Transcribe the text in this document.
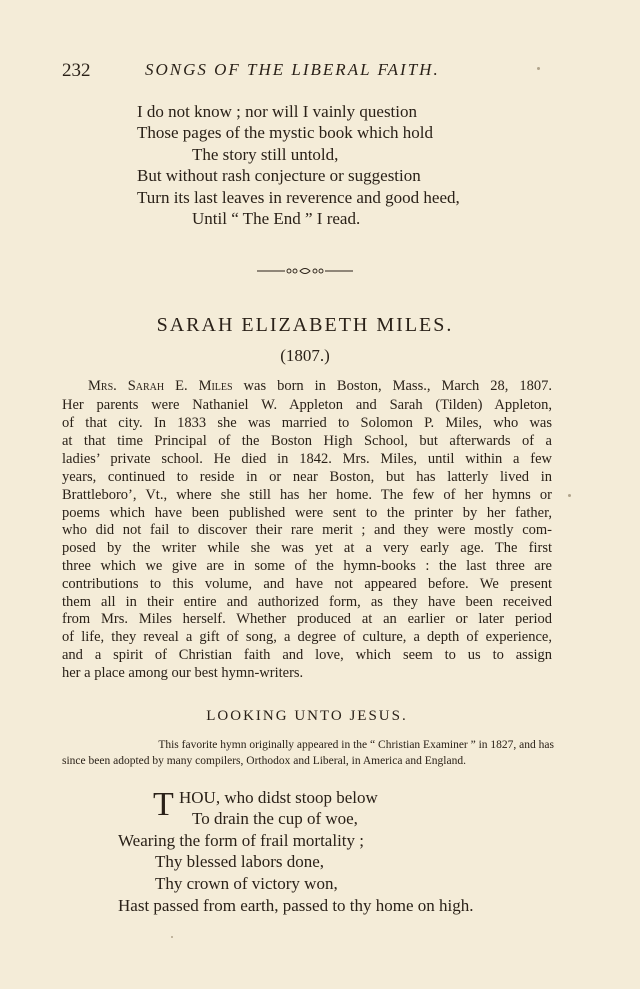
232	SONGS OF THE LIBERAL FAITH.
I do not know ; nor will I vainly question
Those pages of the mystic book which hold
The story still untold,
But without rash conjecture or suggestion
Turn its last leaves in reverence and good heed,
Until “ The End ” I read.
SARAH ELIZABETH MILES.
(1807.)
Mrs. Sarah E. Miles was born in Boston, Mass., March 28, 1807.
Her parents were Nathaniel W. Appleton and Sarah (Tilden) Appleton,
of that city. In 1833 she was married to Solomon P. Miles, who was
at that time Principal of the Boston High School, but afterwards of a
ladies’ private school. He died in 1842. Mrs. Miles, until within a few
years, continued to reside in or near Boston, but has latterly lived in
Brattleboro’, Vt., where she still has her home. The few of her hymns or
poems which have been published were sent to the printer by her father,
who did not fail to discover their rare merit ; and they were mostly com-
posed by the writer while she was yet at a very early age. The first
three which we give are in some of the hymn-books : the last three are
contributions to this volume, and have not appeared before. We present
them all in their entire and authorized form, as they have been received
from Mrs. Miles herself. Whether produced at an earlier or later period
of life, they reveal a gift of song, a degree of culture, a depth of experience,
and a spirit of Christian faith and love, which seem to us to assign
her a place among our best hymn-writers.
LOOKING UNTO JESUS.
This favorite hymn originally appeared in the “ Christian Examiner ” in 1827, and has
since been adopted by many compilers, Orthodox and Liberal, in America and England.
T HOU, who didst stoop below
To drain the cup of woe,
Wearing the form of frail mortality ;
Thy blessed labors done,
Thy crown of victory won,
Hast passed from earth, passed to thy home on high.
